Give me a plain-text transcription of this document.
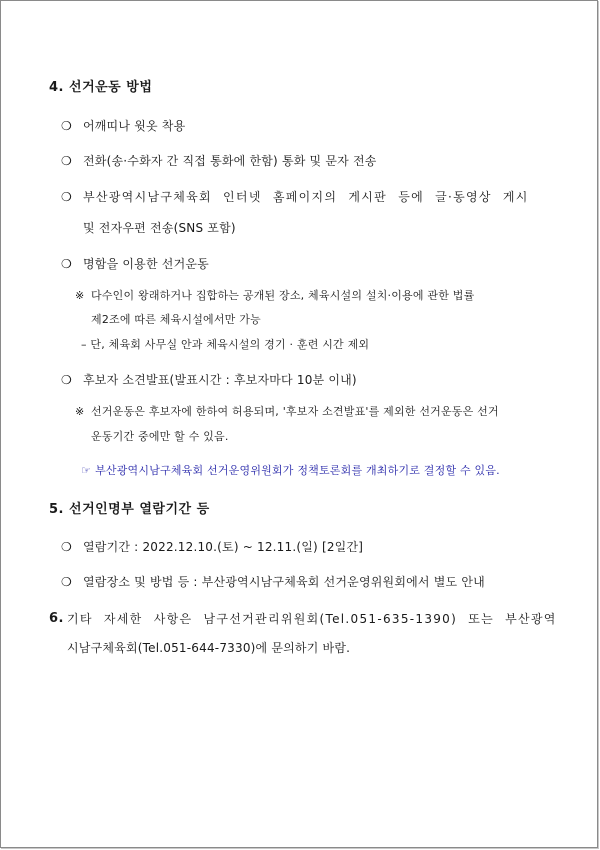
4. 선거운동 방법
❍ 어깨띠나 윗옷 착용
❍ 전화(송·수화자 간 직접 통화에 한함) 통화 및 문자 전송
❍ 부산광역시남구체육회 인터넷 홈페이지의 게시판 등에 글·동영상 게시
및 전자우편 전송(SNS 포함)
❍ 명함을 이용한 선거운동
※ 다수인이 왕래하거나 집합하는 공개된 장소, 체육시설의 설치·이용에 관한 법률
제2조에 따른 체육시설에서만 가능
– 단, 체육회 사무실 안과 체육시설의 경기 · 훈련 시간 제외
❍ 후보자 소견발표(발표시간 : 후보자마다 10분 이내)
※ 선거운동은 후보자에 한하여 허용되며, '후보자 소견발표'를 제외한 선거운동은 선거
운동기간 중에만 할 수 있음.
☞ 부산광역시남구체육회 선거운영위원회가 정책토론회를 개최하기로 결정할 수 있음.
5. 선거인명부 열람기간 등
❍ 열람기간 : 2022.12.10.(토) ~ 12.11.(일) [2일간]
❍ 열람장소 및 방법 등 : 부산광역시남구체육회 선거운영위원회에서 별도 안내
6. 기타 자세한 사항은 남구선거관리위원회(Tel.051-635-1390) 또는 부산광역
시남구체육회(Tel.051-644-7330)에 문의하기 바람.
